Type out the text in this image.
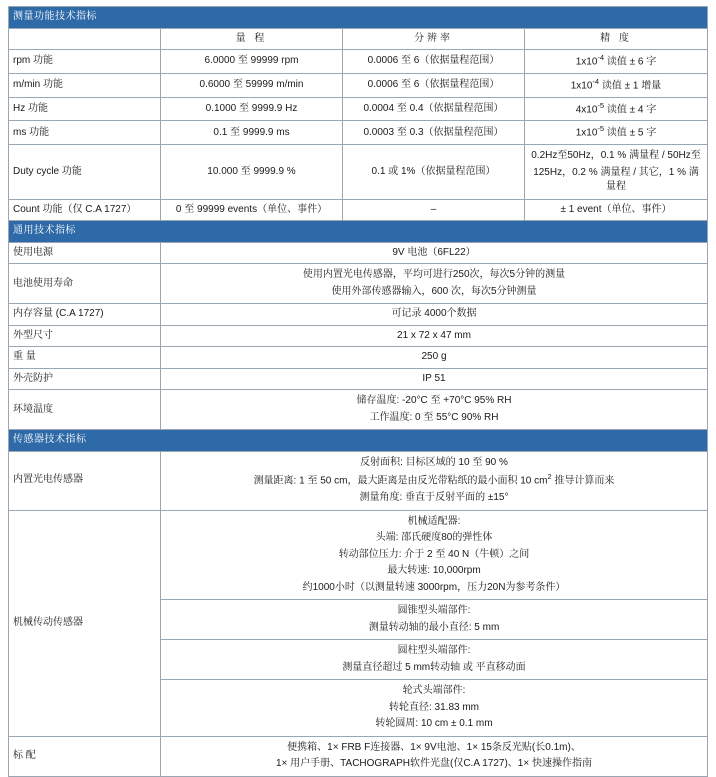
测量功能技术指标			
	量 程	分辨率	精 度
rpm 功能	6.0000 至 99999 rpm	0.0006 至 6（依据量程范围）	$1x10^{-4}$ 读值 ± 6 字
m/min 功能	0.6000 至 59999 m/min	0.0006 至 6（依据量程范围）	$1x10^{-4}$ 读值 ± 1 增量
Hz 功能	0.1000 至 9999.9 Hz	0.0004 至 0.4（依据量程范围）	$4x10^{-5}$ 读值 ± 4 字
ms 功能	0.1 至 9999.9 ms	0.0003 至 0.3（依据量程范围）	$1x10^{-5}$ 读值 ± 5 字
Duty cycle 功能	10.000 至 9999.9 %	0.1 或 1%（依据量程范围）	0.2Hz至50Hz，0.1 % 满量程 / 50Hz至
125Hz，0.2 % 满量程 / 其它，1 % 满量程

Count 功能（仅 C.A 1727）	0 至 99999 events（单位、事件）	–	± 1 event（单位、事件）
通用技术指标			
使用电源	9V 电池（6FL22）		
电池使用寿命	使用内置光电传感器，平均可进行250次，每次5分钟的测量
使用外部传感器输入，600 次，每次5分钟测量		

内存容量 (C.A 1727)	可记录 4000个数据		
外型尺寸	21 x 72 x 47 mm		
重 量	250 g		
外壳防护	IP 51		
环境温度	储存温度: -20°C 至 +70°C 95% RH
工作温度: 0 至 55°C 90% RH		

传感器技术指标			
内置光电传感器	反射面积: 目标区域的 10 至 90 %
测量距离: 1 至 50 cm，最大距离是由反光带粘纸的最小面积 10 $cm^2$ 推导计算而来
测量角度: 垂直于反射平面的 ±15°		

机械传动传感器	机械适配器:
头端: 邵氏硬度80的弹性体
转动部位压力: 介于 2 至 40 N（牛顿）之间
最大转速: 10,000rpm
约1000小时（以测量转速 3000rpm，压力20N为参考条件）		

	圆锥型头端部件:
测量转动轴的最小直径: 5 mm		

	圆柱型头端部件:
测量直径超过 5 mm转动轴 或 平直移动面		

	轮式头端部件:
转轮直径: 31.83 mm
转轮圆周: 10 cm ± 0.1 mm		

标 配	便携箱、1× FRB F连接器、1× 9V电池、1× 15条反光贴(长0.1m)、
1× 用户手册、TACHOGRAPH软件光盘(仅C.A 1727)、1× 快速操作指南		
